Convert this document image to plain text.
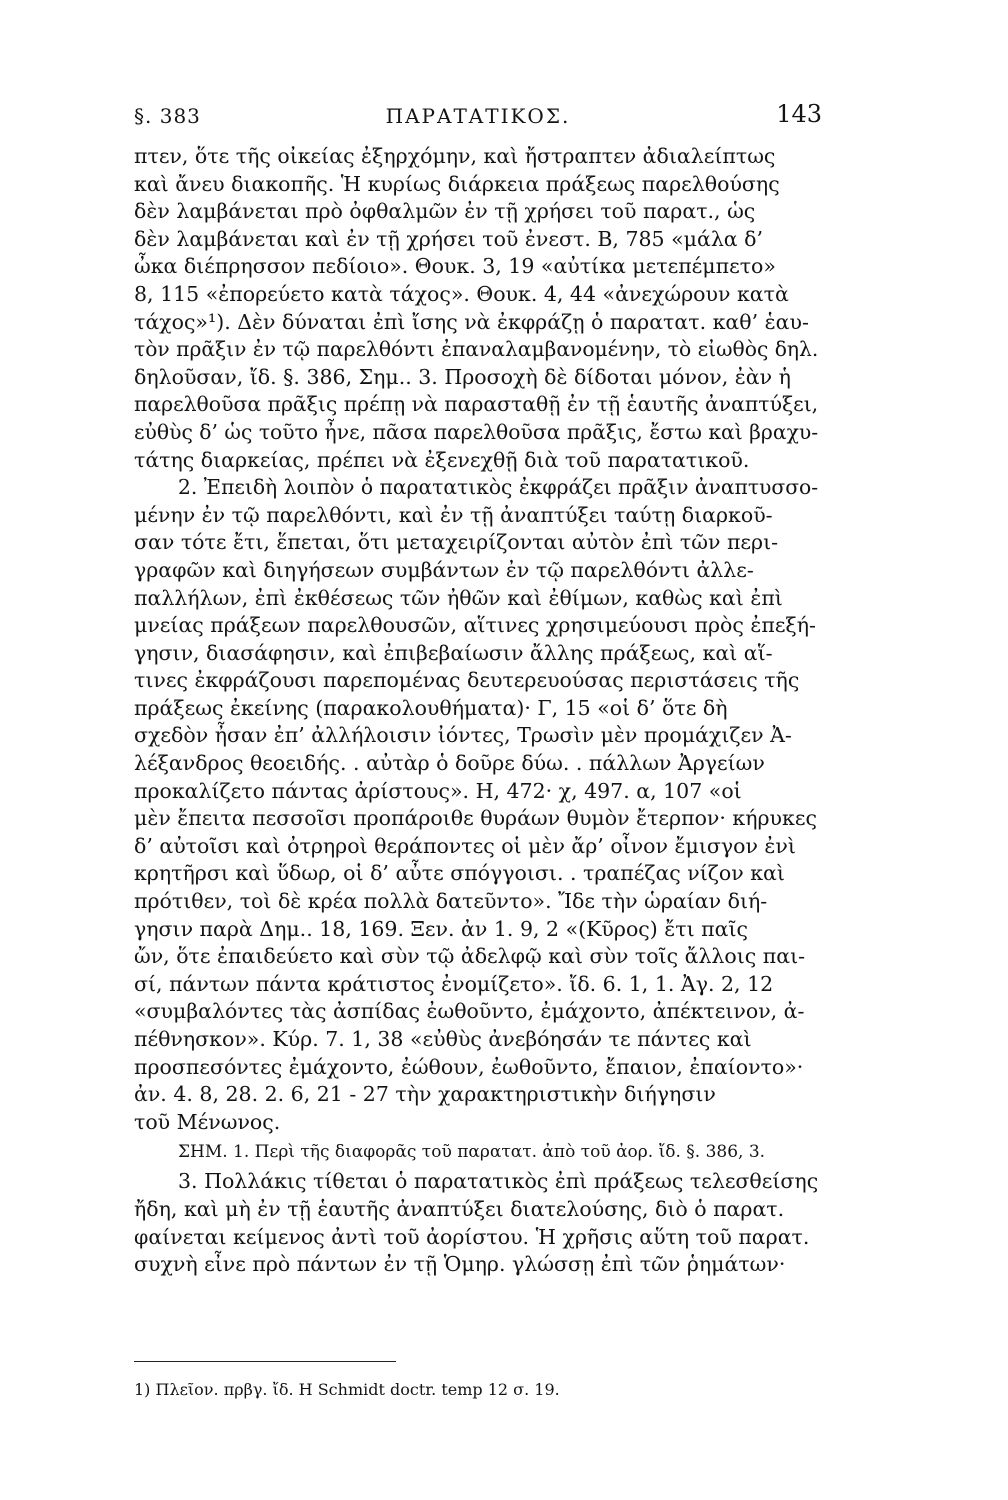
§. 383	ΠΑΡΑΤΑΤΙΚΟΣ.	143
πτεν, ὅτε τῆς οἰκείας ἐξηρχόμην, καὶ ἤστραπτεν ἀδιαλείπτως
καὶ ἄνευ διακοπῆς. Ἡ κυρίως διάρκεια πράξεως παρελθούσης
δὲν λαμβάνεται πρὸ ὀφθαλμῶν ἐν τῇ χρήσει τοῦ παρατ., ὡς
δὲν λαμβάνεται καὶ ἐν τῇ χρήσει τοῦ ἐνεστ. Β, 785 «μάλα δ’
ὦκα διέπρησσον πεδίοιο». Θουκ. 3, 19 «αὐτίκα μετεπέμπετο»
8, 115 «ἐπορεύετο κατὰ τάχος». Θουκ. 4, 44 «ἀνεχώρουν κατὰ
τάχος»¹). Δὲν δύναται ἐπὶ ἴσης νὰ ἐκφράζῃ ὁ παρατατ. καθ’ ἑαυ-
τὸν πρᾶξιν ἐν τῷ παρελθόντι ἐπαναλαμβανομένην, τὸ εἰωθὸς δηλ.
δηλοῦσαν, ἴδ. §. 386, Σημ.. 3. Προσοχὴ δὲ δίδοται μόνον, ἐὰν ἡ
παρελθοῦσα πρᾶξις πρέπῃ νὰ παρασταθῇ ἐν τῇ ἑαυτῆς ἀναπτύξει,
εὐθὺς δ’ ὡς τοῦτο ἦνε, πᾶσα παρελθοῦσα πρᾶξις, ἔστω καὶ βραχυ-
τάτης διαρκείας, πρέπει νὰ ἐξενεχθῇ διὰ τοῦ παρατατικοῦ.
2. Ἐπειδὴ λοιπὸν ὁ παρατατικὸς ἐκφράζει πρᾶξιν ἀναπτυσσο-
μένην ἐν τῷ παρελθόντι, καὶ ἐν τῇ ἀναπτύξει ταύτῃ διαρκοῦ-
σαν τότε ἔτι, ἕπεται, ὅτι μεταχειρίζονται αὐτὸν ἐπὶ τῶν περι-
γραφῶν καὶ διηγήσεων συμβάντων ἐν τῷ παρελθόντι ἀλλε-
παλλήλων, ἐπὶ ἐκθέσεως τῶν ἠθῶν καὶ ἐθίμων, καθὼς καὶ ἐπὶ
μνείας πράξεων παρελθουσῶν, αἵτινες χρησιμεύουσι πρὸς ἐπεξή-
γησιν, διασάφησιν, καὶ ἐπιβεβαίωσιν ἄλλης πράξεως, καὶ αἵ-
τινες ἐκφράζουσι παρεπομένας δευτερευούσας περιστάσεις τῆς
πράξεως ἐκείνης (παρακολουθήματα)· Γ, 15 «οἱ δ’ ὅτε δὴ
σχεδὸν ἦσαν ἐπ’ ἀλλήλοισιν ἰόντες, Τρωσὶν μὲν προμάχιζεν Ἀ-
λέξανδρος θεοειδής. . αὐτὰρ ὁ δοῦρε δύω. . πάλλων Ἀργείων
προκαλίζετο πάντας ἀρίστους». Η, 472· χ, 497. α, 107 «οἱ
μὲν ἔπειτα πεσσοῖσι προπάροιθε θυράων θυμὸν ἔτερπον· κήρυκες
δ’ αὐτοῖσι καὶ ὀτρηροὶ θεράποντες οἱ μὲν ἄρ’ οἶνον ἔμισγον ἐνὶ
κρητῆρσι καὶ ὕδωρ, οἱ δ’ αὖτε σπόγγοισι. . τραπέζας νίζον καὶ
πρότιθεν, τοὶ δὲ κρέα πολλὰ δατεῦντο». Ἴδε τὴν ὡραίαν διή-
γησιν παρὰ Δημ.. 18, 169. Ξεν. ἀν 1. 9, 2 «(Κῦρος) ἔτι παῖς
ὤν, ὅτε ἐπαιδεύετο καὶ σὺν τῷ ἀδελφῷ καὶ σὺν τοῖς ἄλλοις παι-
σί, πάντων πάντα κράτιστος ἐνομίζετο». ἴδ. 6. 1, 1. Ἀγ. 2, 12
«συμβαλόντες τὰς ἀσπίδας ἐωθοῦντο, ἐμάχοντο, ἀπέκτεινον, ἀ-
πέθνησκον». Κύρ. 7. 1, 38 «εὐθὺς ἀνεβόησάν τε πάντες καὶ
προσπεσόντες ἐμάχοντο, ἐώθουν, ἐωθοῦντο, ἔπαιον, ἐπαίοντο»·
ἀν. 4. 8, 28. 2. 6, 21 - 27 τὴν χαρακτηριστικὴν διήγησιν
τοῦ Μένωνος.
ΣΗΜ. 1. Περὶ τῆς διαφορᾶς τοῦ παρατατ. ἀπὸ τοῦ ἀορ. ἴδ. §. 386, 3.
3. Πολλάκις τίθεται ὁ παρατατικὸς ἐπὶ πράξεως τελεσθείσης
ἤδη, καὶ μὴ ἐν τῇ ἑαυτῆς ἀναπτύξει διατελούσης, διὸ ὁ παρατ.
φαίνεται κείμενος ἀντὶ τοῦ ἀορίστου. Ἡ χρῆσις αὕτη τοῦ παρατ.
συχνὴ εἶνε πρὸ πάντων ἐν τῇ Ὁμηρ. γλώσσῃ ἐπὶ τῶν ῥημάτων·
1) Πλεῖον. πρβγ. ἴδ. Η Schmidt doctr. temp 12 σ. 19.
